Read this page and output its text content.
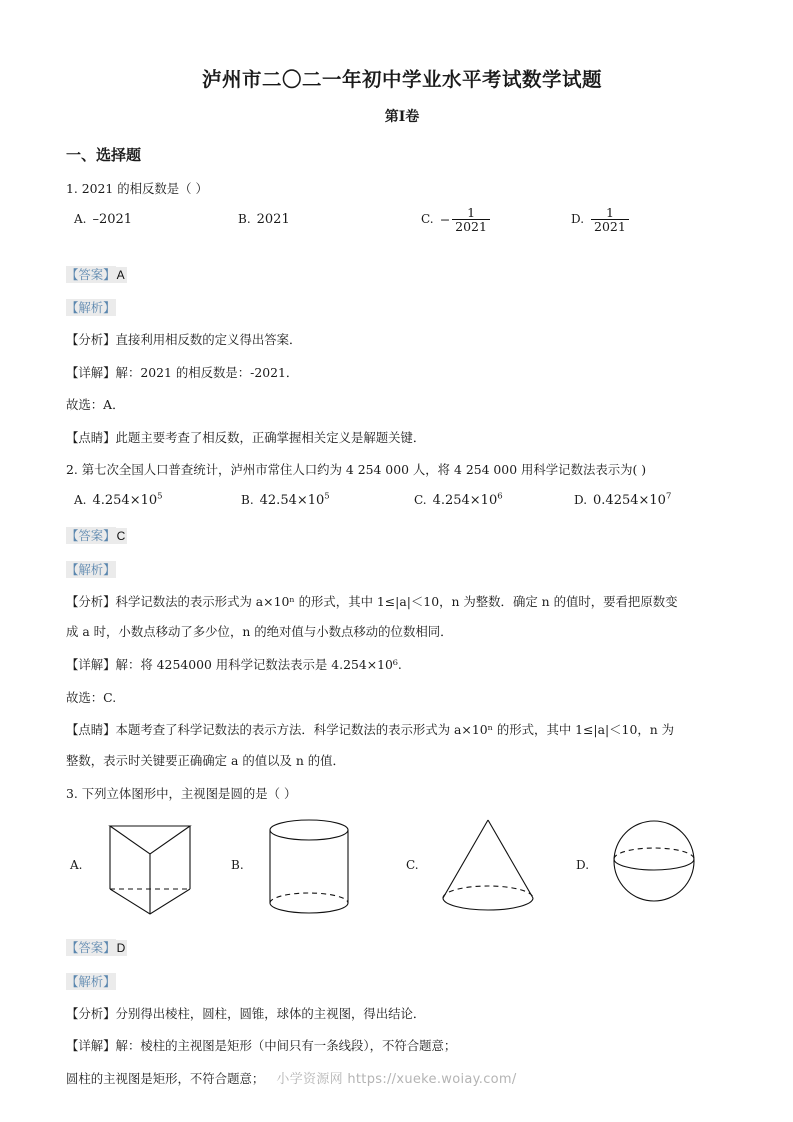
泸州市二〇二一年初中学业水平考试数学试题
第I卷
一、选择题
1. 2021 的相反数是（ ）
A. –2021	B. 2021	C. − $\frac{1}{2021}$	D. $\frac{1}{2021}$
【答案】A
【解析】
【分析】直接利用相反数的定义得出答案．
【详解】解：2021 的相反数是：-2021．
故选：A．
【点睛】此题主要考查了相反数，正确掌握相关定义是解题关键．
2. 第七次全国人口普查统计，泸州市常住人口约为 4 254 000 人，将 4 254 000 用科学记数法表示为( )
A. $4.254\times 10^5$	B. $42.54\times 10^5$	C. $4.254\times 10^6$	D. $0.4254\times 10^7$
【答案】C
【解析】
【分析】科学记数法的表示形式为 a×10ⁿ 的形式，其中 1≤|a|＜10，n 为整数．确定 n 的值时，要看把原数变
成 a 时，小数点移动了多少位，n 的绝对值与小数点移动的位数相同．
【详解】解：将 4254000 用科学记数法表示是 4.254×10⁶.
故选：C.
【点睛】本题考查了科学记数法的表示方法．科学记数法的表示形式为 a×10ⁿ 的形式，其中 1≤|a|＜10，n 为
整数，表示时关键要正确确定 a 的值以及 n 的值．
3. 下列立体图形中，主视图是圆的是（ ）
A.	B.	C.	D.
【答案】D
【解析】
【分析】分别得出棱柱，圆柱，圆锥，球体的主视图，得出结论．
【详解】解：棱柱的主视图是矩形（中间只有一条线段），不符合题意；
圆柱的主视图是矩形，不符合题意； 小学资源网 https://xueke.woiay.com/
